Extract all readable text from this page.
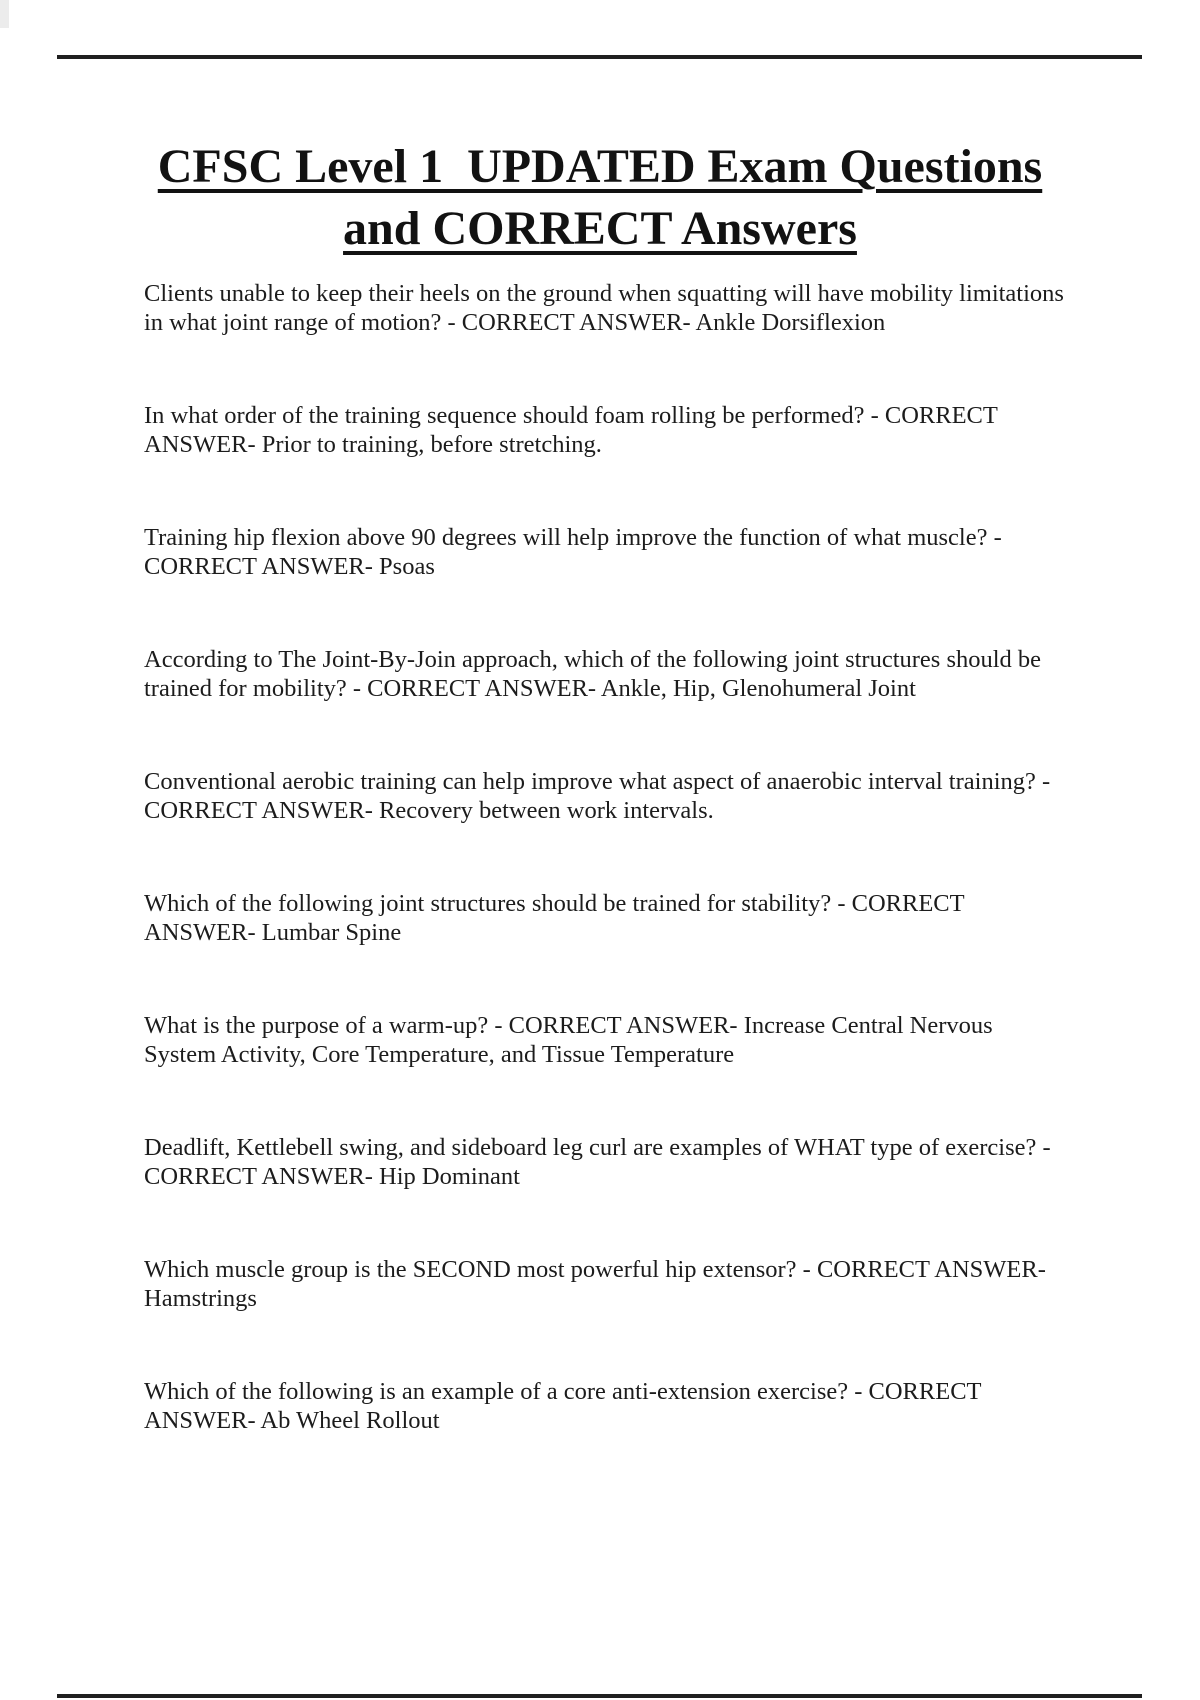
CFSC Level 1  UPDATED Exam Questions
and CORRECT Answers

Clients unable to keep their heels on the ground when squatting will have mobility limitations in what joint range of motion? - CORRECT ANSWER- Ankle Dorsiflexion

In what order of the training sequence should foam rolling be performed? - CORRECT ANSWER- Prior to training, before stretching.

Training hip flexion above 90 degrees will help improve the function of what muscle? - CORRECT ANSWER- Psoas

According to The Joint-By-Join approach, which of the following joint structures should be trained for mobility? - CORRECT ANSWER- Ankle, Hip, Glenohumeral Joint

Conventional aerobic training can help improve what aspect of anaerobic interval training? - CORRECT ANSWER- Recovery between work intervals.

Which of the following joint structures should be trained for stability? - CORRECT ANSWER- Lumbar Spine

What is the purpose of a warm-up? - CORRECT ANSWER- Increase Central Nervous System Activity, Core Temperature, and Tissue Temperature

Deadlift, Kettlebell swing, and sideboard leg curl are examples of WHAT type of exercise? - CORRECT ANSWER- Hip Dominant

Which muscle group is the SECOND most powerful hip extensor? - CORRECT ANSWER- Hamstrings

Which of the following is an example of a core anti-extension exercise? - CORRECT ANSWER- Ab Wheel Rollout
